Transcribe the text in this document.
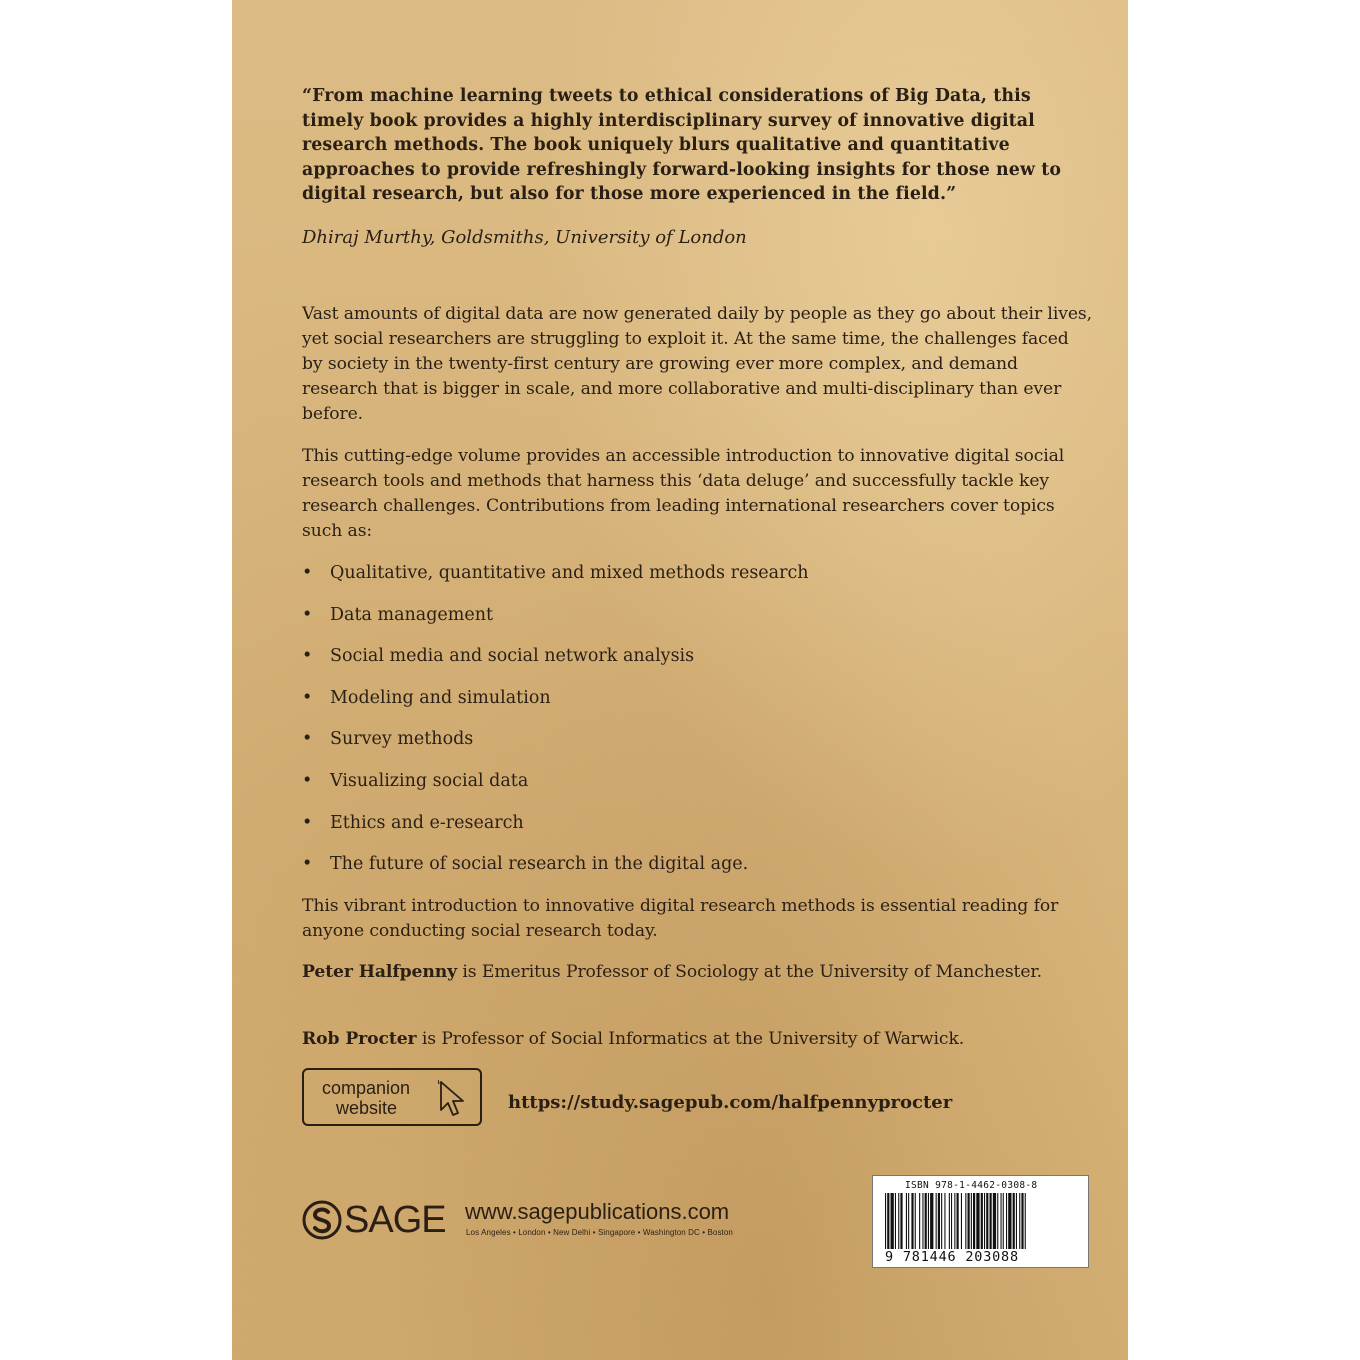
“From machine learning tweets to ethical considerations of Big Data, this timely book provides a highly interdisciplinary survey of innovative digital research methods. The book uniquely blurs qualitative and quantitative approaches to provide refreshingly forward-looking insights for those new to digital research, but also for those more experienced in the field.”

Dhiraj Murthy, Goldsmiths, University of London

Vast amounts of digital data are now generated daily by people as they go about their lives, yet social researchers are struggling to exploit it. At the same time, the challenges faced by society in the twenty-first century are growing ever more complex, and demand research that is bigger in scale, and more collaborative and multi-disciplinary than ever before.

This cutting-edge volume provides an accessible introduction to innovative digital social research tools and methods that harness this ‘data deluge’ and successfully tackle key research challenges. Contributions from leading international researchers cover topics such as:

• Qualitative, quantitative and mixed methods research
• Data management
• Social media and social network analysis
• Modeling and simulation
• Survey methods
• Visualizing social data
• Ethics and e-research
• The future of social research in the digital age.

This vibrant introduction to innovative digital research methods is essential reading for anyone conducting social research today.

Peter Halfpenny is Emeritus Professor of Sociology at the University of Manchester.

Rob Procter is Professor of Social Informatics at the University of Warwick.

companion
website	https://study.sagepub.com/halfpennyprocter

SAGE www.sagepublications.com

Los Angeles • London • New Delhi • Singapore • Washington DC • Boston

ISBN 978-1-4462-0308-8

9 781446 203088
